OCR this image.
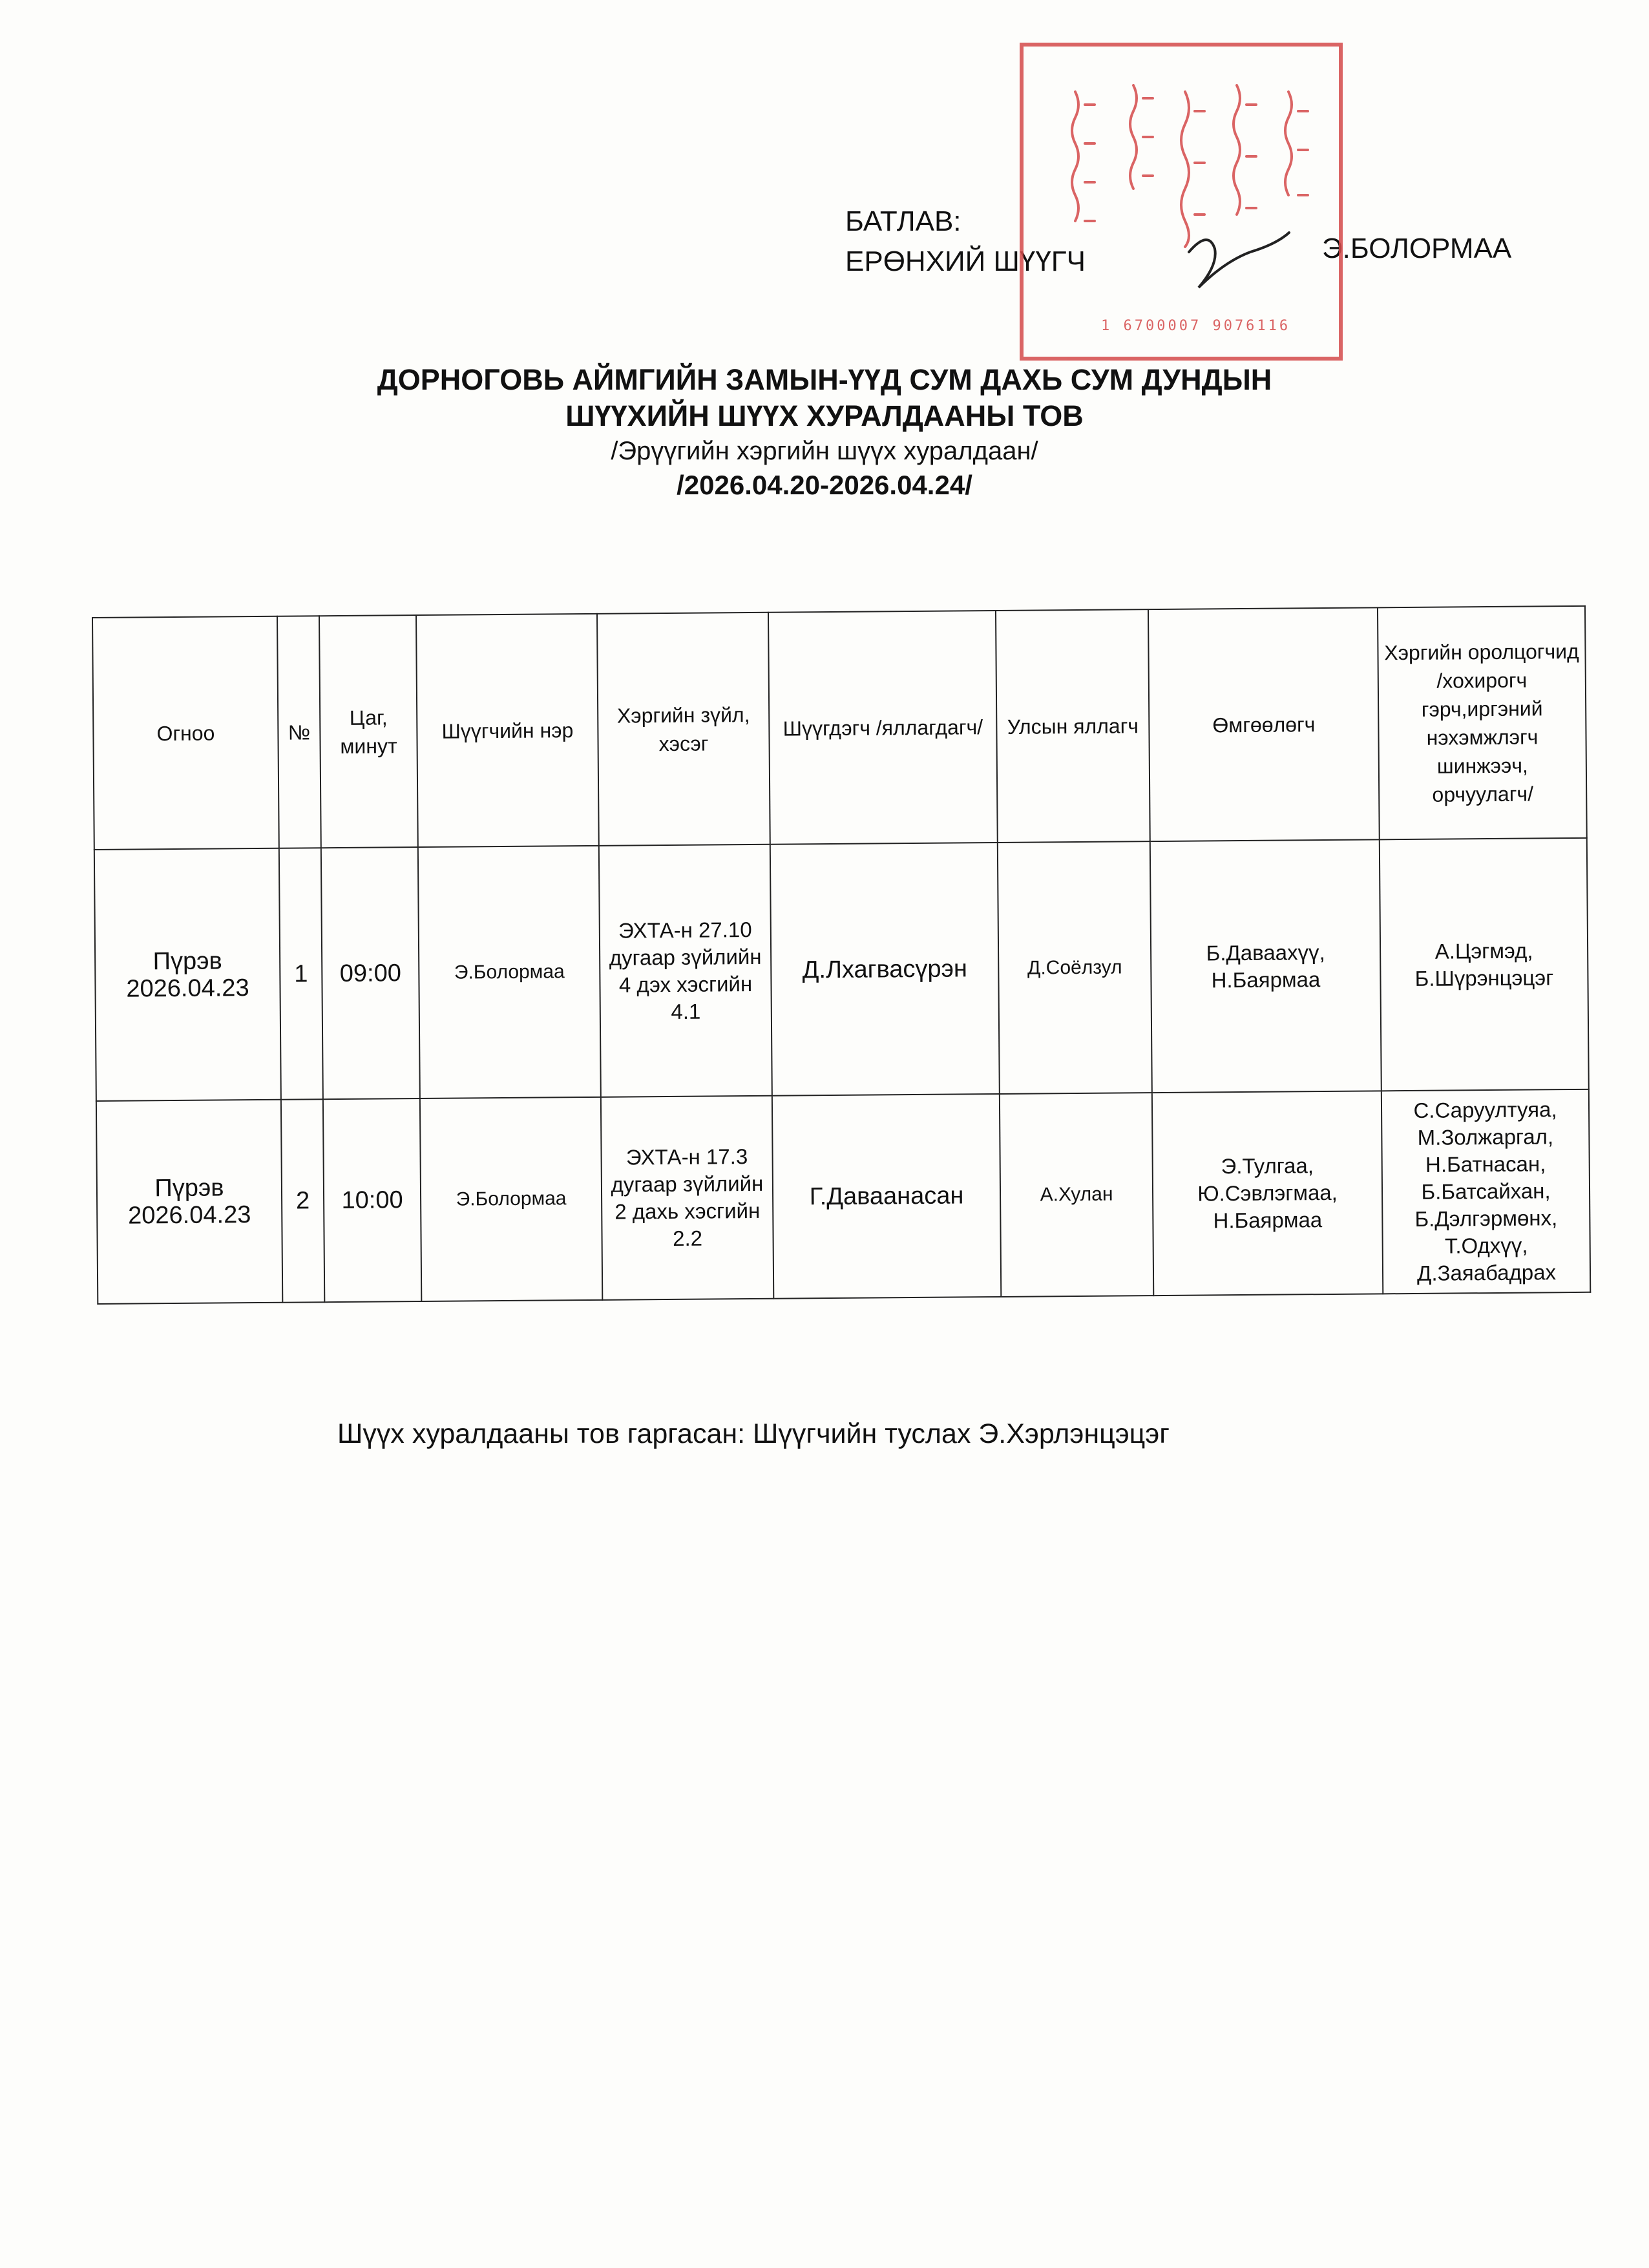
БАТЛАВ:
ЕРӨНХИЙ ШҮҮГЧ	Э.БОЛОРМАА
1 6700007 9076116
ДОРНОГОВЬ АЙМГИЙН ЗАМЫН-ҮҮД СУМ ДАХЬ СУМ ДУНДЫН
ШҮҮХИЙН ШҮҮХ ХУРАЛДААНЫ ТОВ
/Эрүүгийн хэргийн шүүх хуралдаан/
/2026.04.20-2026.04.24/
Огноо	№	Цаг, минут	Шүүгчийн нэр	Хэргийн зүйл, хэсэг	Шүүгдэгч /яллагдагч/	Улсын яллагч	Өмгөөлөгч	Хэргийн оролцогчид /хохирогч гэрч,иргэний нэхэмжлэгч шинжээч, орчуулагч/

Пүрэв
2026.04.23	1	09:00	Э.Болормаа	ЭХТА-н 27.10 дугаар зүйлийн 4 дэх хэсгийн 4.1	Д.Лхагвасүрэн	Д.Соёлзул	Б.Даваахүү, Н.Баярмаа	А.Цэгмэд, Б.Шүрэнцэцэг

Пүрэв
2026.04.23	2	10:00	Э.Болормаа	ЭХТА-н 17.3 дугаар зүйлийн 2 дахь хэсгийн 2.2	Г.Даваанасан	А.Хулан	Э.Тулгаа, Ю.Сэвлэгмаа, Н.Баярмаа	С.Саруултуяа, М.Золжаргал, Н.Батнасан, Б.Батсайхан, Б.Дэлгэрмөнх, Т.Одхүү, Д.Заяабадрах
Шүүх хуралдааны тов гаргасан: Шүүгчийн туслах Э.Хэрлэнцэцэг
